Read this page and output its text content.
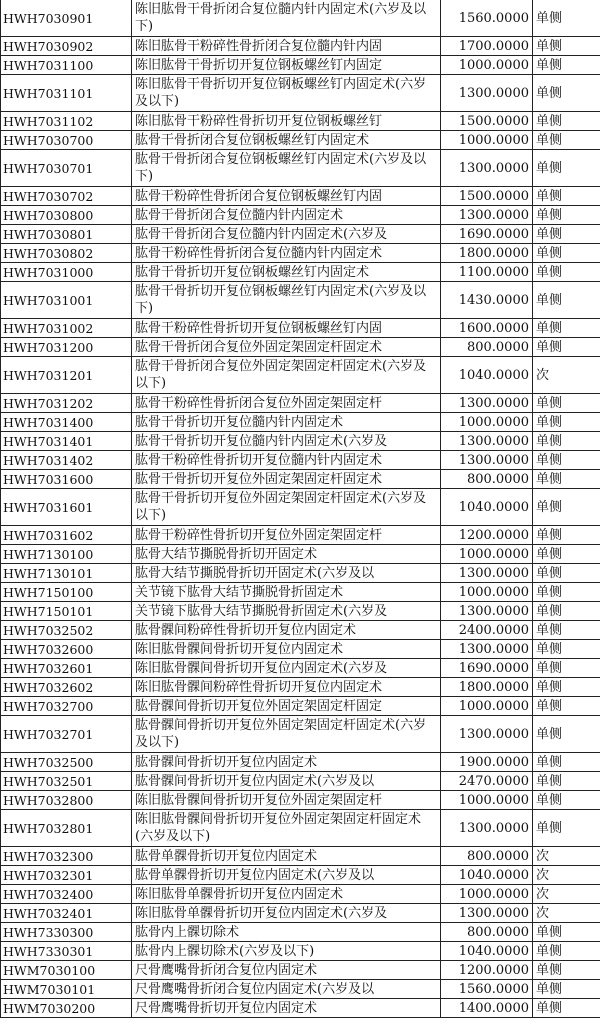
HWH7030901	陈旧肱骨干骨折闭合复位髓内针内固定术(六岁及以下)	1560.0000	单侧
HWH7030902	陈旧肱骨干粉碎性骨折闭合复位髓内针内固	1700.0000	单侧
HWH7031100	陈旧肱骨干骨折切开复位钢板螺丝钉内固定	1000.0000	单侧
HWH7031101	陈旧肱骨干骨折切开复位钢板螺丝钉内固定术(六岁及以下)	1300.0000	单侧
HWH7031102	陈旧肱骨干粉碎性骨折切开复位钢板螺丝钉	1500.0000	单侧
HWH7030700	肱骨干骨折闭合复位钢板螺丝钉内固定术	1000.0000	单侧
HWH7030701	肱骨干骨折闭合复位钢板螺丝钉内固定术(六岁及以下)	1300.0000	单侧
HWH7030702	肱骨干粉碎性骨折闭合复位钢板螺丝钉内固	1500.0000	单侧
HWH7030800	肱骨干骨折闭合复位髓内针内固定术	1300.0000	单侧
HWH7030801	肱骨干骨折闭合复位髓内针内固定术(六岁及	1690.0000	单侧
HWH7030802	肱骨干粉碎性骨折闭合复位髓内针内固定术	1800.0000	单侧
HWH7031000	肱骨干骨折切开复位钢板螺丝钉内固定术	1100.0000	单侧
HWH7031001	肱骨干骨折切开复位钢板螺丝钉内固定术(六岁及以下)	1430.0000	单侧
HWH7031002	肱骨干粉碎性骨折切开复位钢板螺丝钉内固	1600.0000	单侧
HWH7031200	肱骨干骨折闭合复位外固定架固定杆固定术	800.0000	单侧
HWH7031201	肱骨干骨折闭合复位外固定架固定杆固定术(六岁及以下)	1040.0000	次
HWH7031202	肱骨干粉碎性骨折闭合复位外固定架固定杆	1300.0000	单侧
HWH7031400	肱骨干骨折切开复位髓内针内固定术	1000.0000	单侧
HWH7031401	肱骨干骨折切开复位髓内针内固定术(六岁及	1300.0000	单侧
HWH7031402	肱骨干粉碎性骨折切开复位髓内针内固定术	1300.0000	单侧
HWH7031600	肱骨干骨折切开复位外固定架固定杆固定术	800.0000	单侧
HWH7031601	肱骨干骨折切开复位外固定架固定杆固定术(六岁及以下)	1040.0000	单侧
HWH7031602	肱骨干粉碎性骨折切开复位外固定架固定杆	1200.0000	单侧
HWH7130100	肱骨大结节撕脱骨折切开固定术	1000.0000	单侧
HWH7130101	肱骨大结节撕脱骨折切开固定术(六岁及以	1300.0000	单侧
HWH7150100	关节镜下肱骨大结节撕脱骨折固定术	1000.0000	单侧
HWH7150101	关节镜下肱骨大结节撕脱骨折固定术(六岁及	1300.0000	单侧
HWH7032502	肱骨髁间粉碎性骨折切开复位内固定术	2400.0000	单侧
HWH7032600	陈旧肱骨髁间骨折切开复位内固定术	1300.0000	单侧
HWH7032601	陈旧肱骨髁间骨折切开复位内固定术(六岁及	1690.0000	单侧
HWH7032602	陈旧肱骨髁间粉碎性骨折切开复位内固定术	1800.0000	单侧
HWH7032700	肱骨髁间骨折切开复位外固定架固定杆固定	1000.0000	单侧
HWH7032701	肱骨髁间骨折切开复位外固定架固定杆固定术(六岁及以下)	1300.0000	单侧
HWH7032500	肱骨髁间骨折切开复位内固定术	1900.0000	单侧
HWH7032501	肱骨髁间骨折切开复位内固定术(六岁及以	2470.0000	单侧
HWH7032800	陈旧肱骨髁间骨折切开复位外固定架固定杆	1000.0000	单侧
HWH7032801	陈旧肱骨髁间骨折切开复位外固定架固定杆固定术(六岁及以下)	1300.0000	单侧
HWH7032300	肱骨单髁骨折切开复位内固定术	800.0000	次
HWH7032301	肱骨单髁骨折切开复位内固定术(六岁及以	1040.0000	次
HWH7032400	陈旧肱骨单髁骨折切开复位内固定术	1000.0000	次
HWH7032401	陈旧肱骨单髁骨折切开复位内固定术(六岁及	1300.0000	次
HWH7330300	肱骨内上髁切除术	800.0000	单侧
HWH7330301	肱骨内上髁切除术(六岁及以下)	1040.0000	单侧
HWM7030100	尺骨鹰嘴骨折闭合复位内固定术	1200.0000	单侧
HWM7030101	尺骨鹰嘴骨折闭合复位内固定术(六岁及以	1560.0000	单侧
HWM7030200	尺骨鹰嘴骨折切开复位内固定术	1400.0000	单侧
